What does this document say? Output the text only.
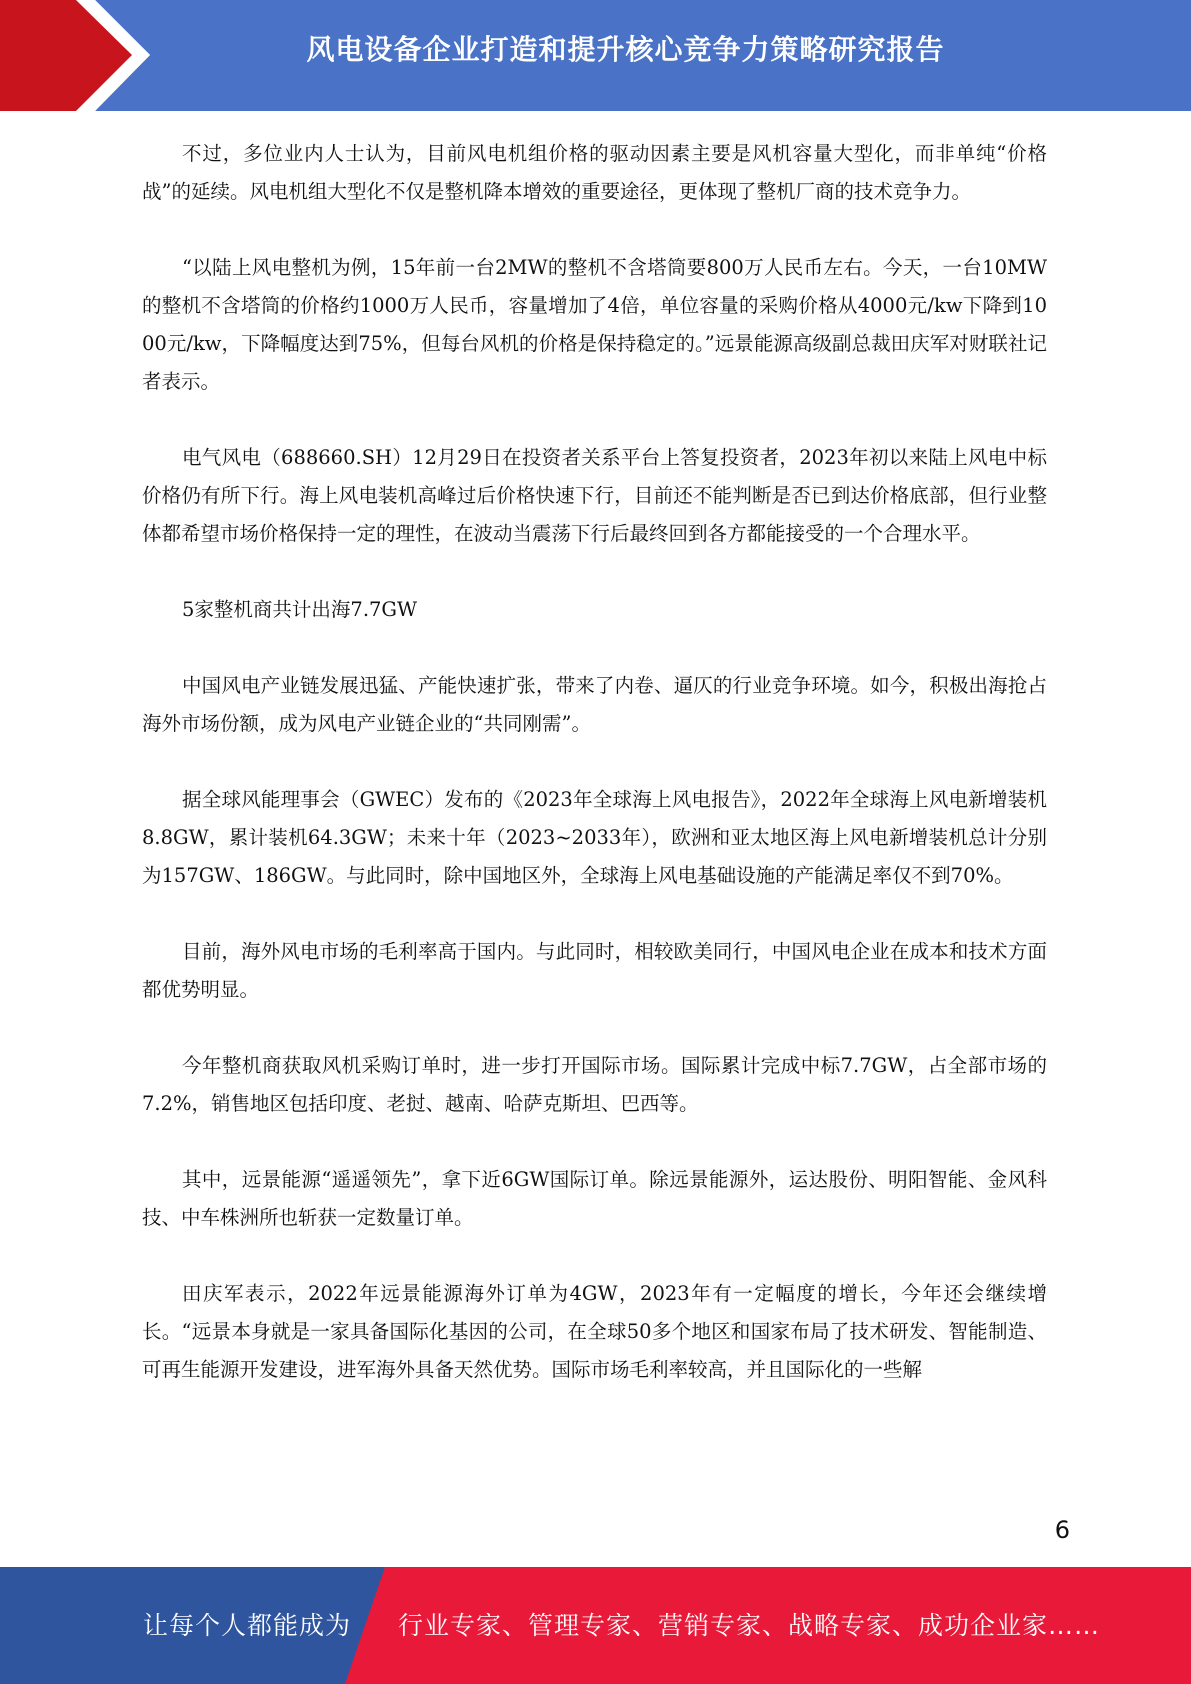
风电设备企业打造和提升核心竞争力策略研究报告

不过，多位业内人士认为，目前风电机组价格的驱动因素主要是风机容量大型化，而非单纯“价格战”的延续。风电机组大型化不仅是整机降本增效的重要途径，更体现了整机厂商的技术竞争力。

“以陆上风电整机为例，15年前一台2MW的整机不含塔筒要800万人民币左右。今天，一台10MW的整机不含塔筒的价格约1000万人民币，容量增加了4倍，单位容量的采购价格从4000元/kw下降到1000元/kw，下降幅度达到75%，但每台风机的价格是保持稳定的。”远景能源高级副总裁田庆军对财联社记者表示。

电气风电（688660.SH）12月29日在投资者关系平台上答复投资者，2023年初以来陆上风电中标价格仍有所下行。海上风电装机高峰过后价格快速下行，目前还不能判断是否已到达价格底部，但行业整体都希望市场价格保持一定的理性，在波动当震荡下行后最终回到各方都能接受的一个合理水平。

5家整机商共计出海7.7GW

中国风电产业链发展迅猛、产能快速扩张，带来了内卷、逼仄的行业竞争环境。如今，积极出海抢占海外市场份额，成为风电产业链企业的“共同刚需”。

据全球风能理事会（GWEC）发布的《2023年全球海上风电报告》，2022年全球海上风电新增装机8.8GW，累计装机64.3GW；未来十年（2023~2033年），欧洲和亚太地区海上风电新增装机总计分别为157GW、186GW。与此同时，除中国地区外，全球海上风电基础设施的产能满足率仅不到70%。

目前，海外风电市场的毛利率高于国内。与此同时，相较欧美同行，中国风电企业在成本和技术方面都优势明显。

今年整机商获取风机采购订单时，进一步打开国际市场。国际累计完成中标7.7GW，占全部市场的7.2%，销售地区包括印度、老挝、越南、哈萨克斯坦、巴西等。

其中，远景能源“遥遥领先”，拿下近6GW国际订单。除远景能源外，运达股份、明阳智能、金风科技、中车株洲所也斩获一定数量订单。

田庆军表示，2022年远景能源海外订单为4GW，2023年有一定幅度的增长，今年还会继续增长。“远景本身就是一家具备国际化基因的公司，在全球50多个地区和国家布局了技术研发、智能制造、可再生能源开发建设，进军海外具备天然优势。国际市场毛利率较高，并且国际化的一些解

6
让每个人都能成为 行业专家、管理专家、营销专家、战略专家、成功企业家……
